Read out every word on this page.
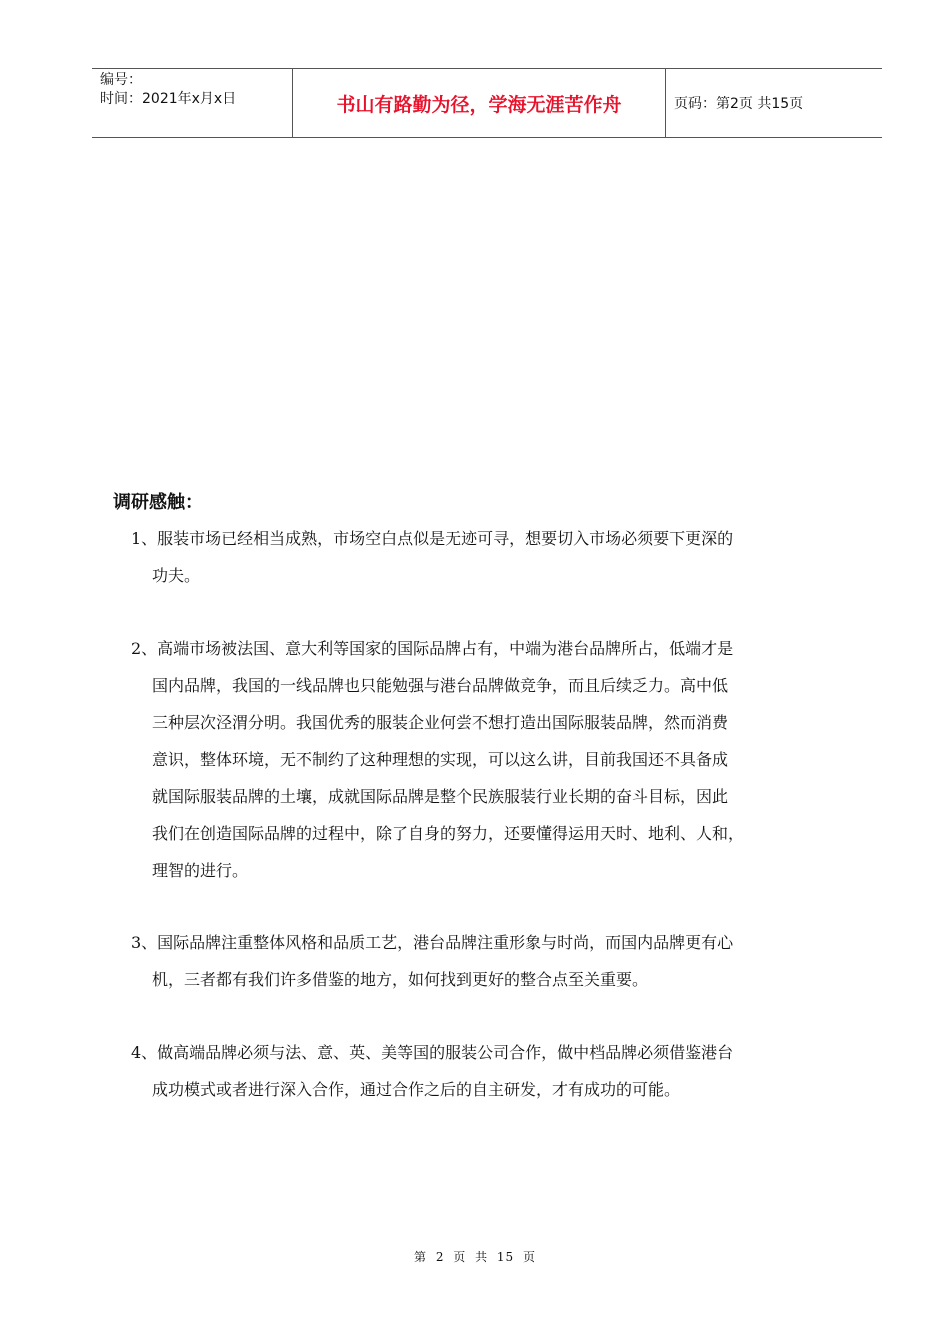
编号：
时间：2021年x月x日	书山有路勤为径，学海无涯苦作舟	页码：第2页 共15页
调研感触：
1、服装市场已经相当成熟，市场空白点似是无迹可寻，想要切入市场必须要下更深的
功夫。
2、高端市场被法国、意大利等国家的国际品牌占有，中端为港台品牌所占，低端才是
国内品牌，我国的一线品牌也只能勉强与港台品牌做竞争，而且后续乏力。高中低
三种层次泾渭分明。我国优秀的服装企业何尝不想打造出国际服装品牌，然而消费
意识，整体环境，无不制约了这种理想的实现，可以这么讲，目前我国还不具备成
就国际服装品牌的土壤，成就国际品牌是整个民族服装行业长期的奋斗目标，因此
我们在创造国际品牌的过程中，除了自身的努力，还要懂得运用天时、地利、人和，
理智的进行。
3、国际品牌注重整体风格和品质工艺，港台品牌注重形象与时尚，而国内品牌更有心
机，三者都有我们许多借鉴的地方，如何找到更好的整合点至关重要。
4、做高端品牌必须与法、意、英、美等国的服装公司合作，做中档品牌必须借鉴港台
成功模式或者进行深入合作，通过合作之后的自主研发，才有成功的可能。
第 2 页 共 15 页
